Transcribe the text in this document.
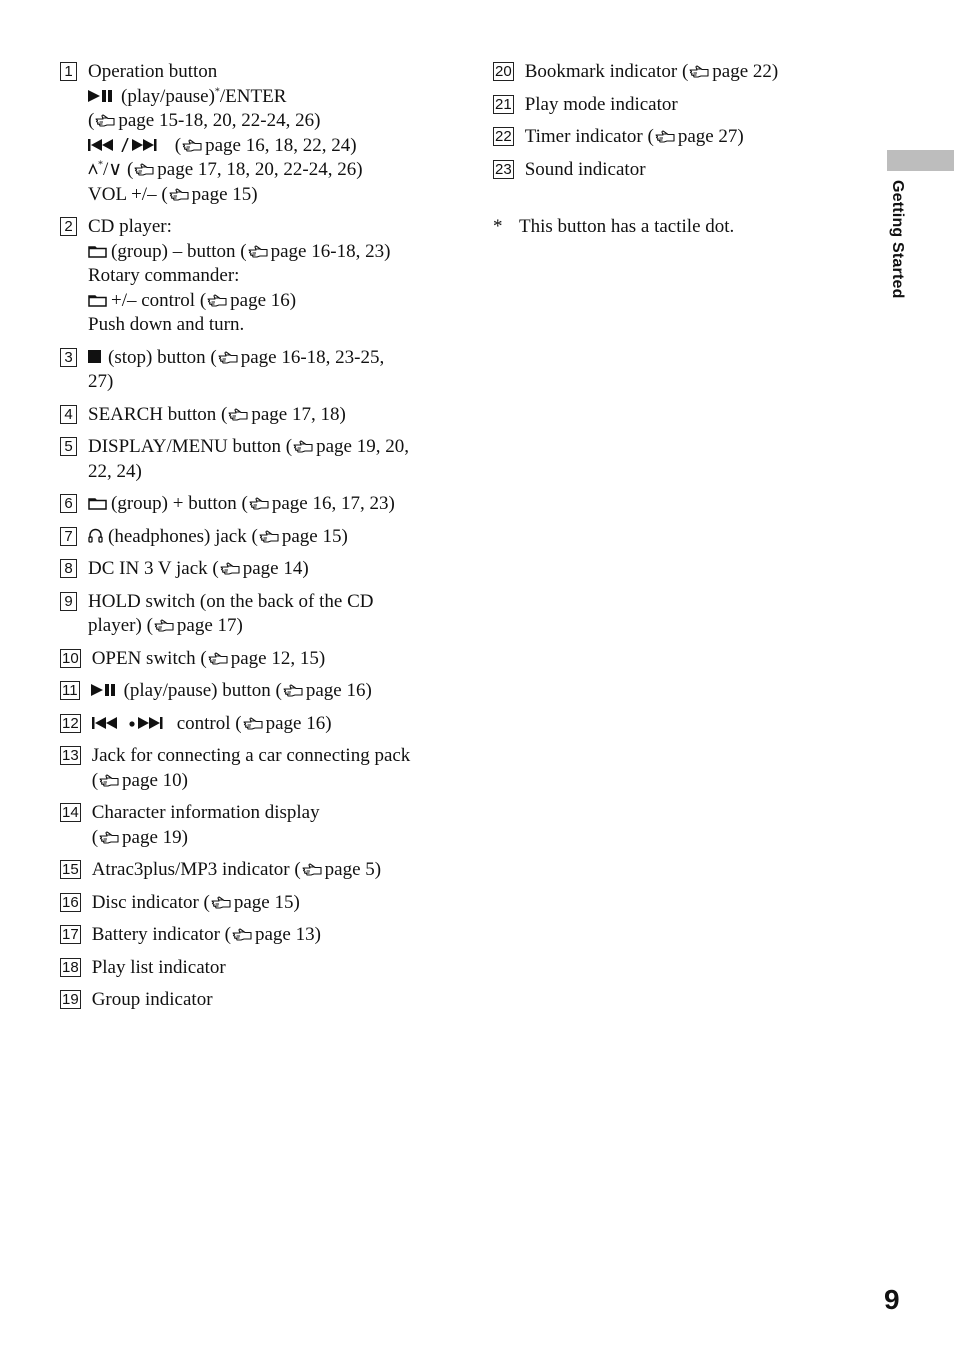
1 Operation button
(play/pause)*/ENTER
( page 15-18, 20, 22-24, 26)
( page 16, 18, 22, 24)
*/∨ ( page 17, 18, 20, 22-24, 26)
VOL +/– ( page 15)
2 CD player:
(group) – button ( page 16-18, 23)
Rotary commander:
+/– control ( page 16)
Push down and turn.
3	(stop) button ( page 16-18, 23-25,
27)
4 SEARCH button ( page 17, 18)
5 DISPLAY/MENU button ( page 19, 20,
22, 24)
6	(group) + button ( page 16, 17, 23)
7	(headphones) jack ( page 15)
8 DC IN 3 V jack ( page 14)
9 HOLD switch (on the back of the CD
player) ( page 17)
10 OPEN switch ( page 12, 15)
11	(play/pause) button ( page 16)
12	control ( page 16)
13 Jack for connecting a car connecting pack
( page 10)
14 Character information display
( page 19)
15 Atrac3plus/MP3 indicator ( page 5)
16 Disc indicator ( page 15)
17 Battery indicator ( page 13)
18 Play list indicator
19 Group indicator
20 Bookmark indicator ( page 22)
21 Play mode indicator
22 Timer indicator ( page 27)
23 Sound indicator
* This button has a tactile dot.	Getting Started
9
